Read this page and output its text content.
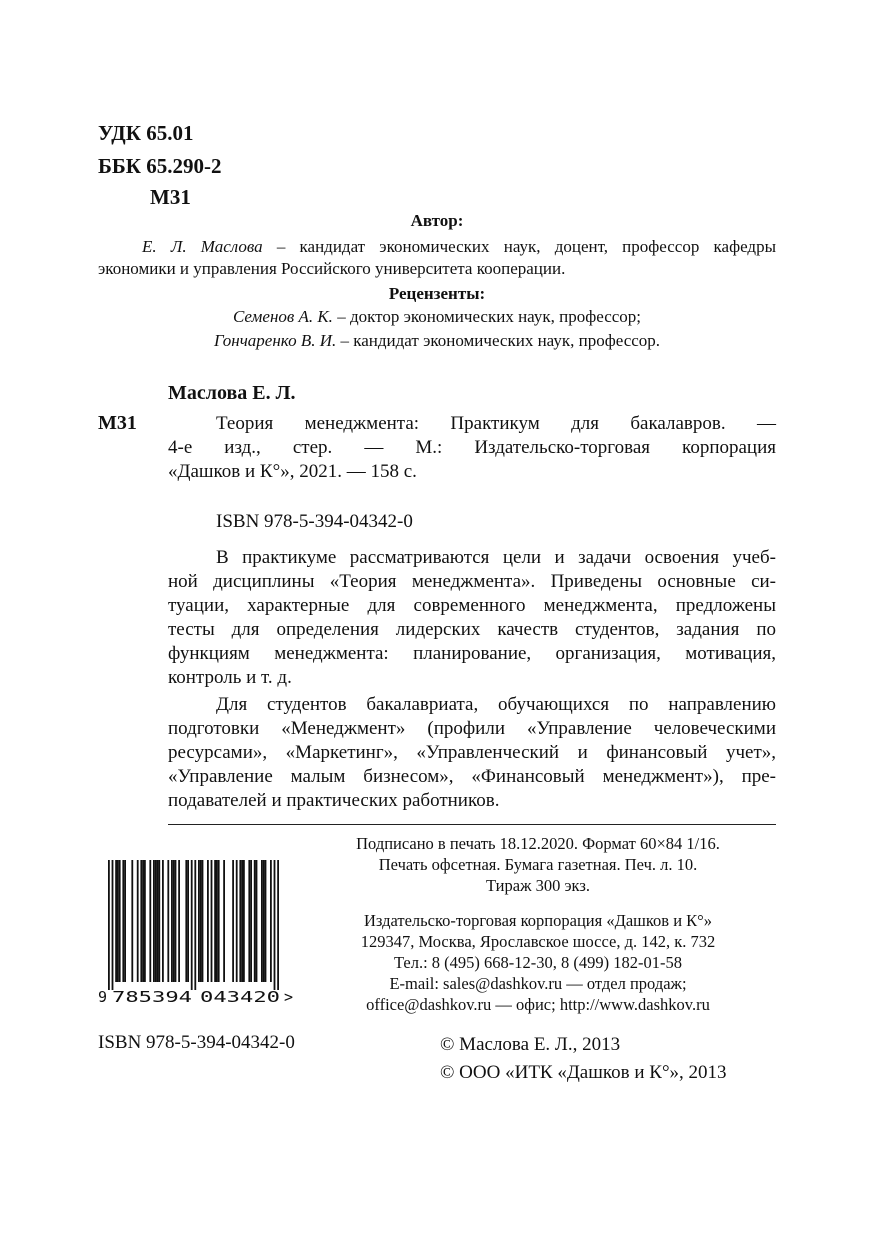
УДК 65.01
ББК 65.290-2
М31
Автор:
Е. Л. Маслова – кандидат экономических наук, доцент, профессор кафедры
экономики и управления Российского университета кооперации.
Рецензенты:
Семенов А. К. – доктор экономических наук, профессор;
Гончаренко В. И. – кандидат экономических наук, профессор.
Маслова Е. Л.
М31	Теория менеджмента: Практикум для бакалавров. —
4-е изд., стер. — М.: Издательско-торговая корпорация
«Дашков и К°», 2021. — 158 с.
ISBN 978-5-394-04342-0
В практикуме рассматриваются цели и задачи освоения учеб-
ной дисциплины «Теория менеджмента». Приведены основные си-
туации, характерные для современного менеджмента, предложены
тесты для определения лидерских качеств студентов, задания по
функциям менеджмента: планирование, организация, мотивация,
контроль и т. д.
Для студентов бакалавриата, обучающихся по направлению
подготовки «Менеджмент» (профили «Управление человеческими
ресурсами», «Маркетинг», «Управленческий и финансовый учет»,
«Управление малым бизнесом», «Финансовый менеджмент»), пре-
подавателей и практических работников.
Подписано в печать 18.12.2020. Формат 60×84 1/16.
Печать офсетная. Бумага газетная. Печ. л. 10.
Тираж 300 экз.
Издательско-торговая корпорация «Дашков и К°»
129347, Москва, Ярославское шоссе, д. 142, к. 732
Тел.: 8 (495) 668-12-30, 8 (499) 182-01-58
E-mail: sales@dashkov.ru — отдел продаж;
office@dashkov.ru — офис; http://www.dashkov.ru
9 785394 043420 >
ISBN 978-5-394-04342-0	© Маслова Е. Л., 2013
© ООО «ИТК «Дашков и К°», 2013
